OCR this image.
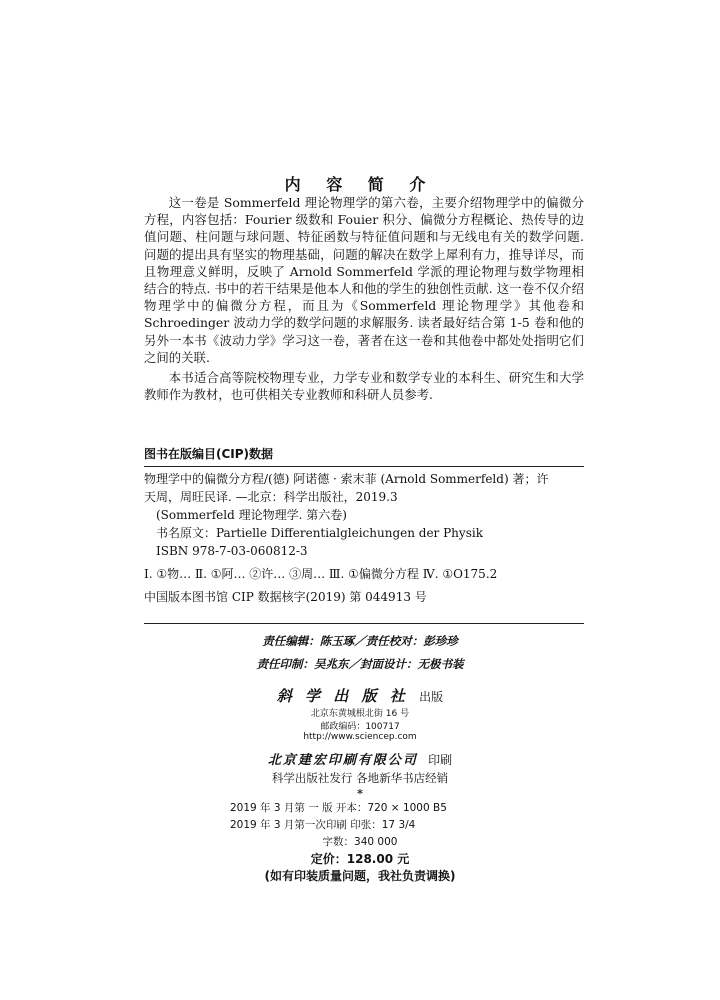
内 容 简 介

这一卷是 Sommerfeld 理论物理学的第六卷，主要介绍物理学中的偏微分方程，内容包括：Fourier 级数和 Fouier 积分、偏微分方程概论、热传导的边值问题、柱问题与球问题、特征函数与特征值问题和与无线电有关的数学问题. 问题的提出具有坚实的物理基础，问题的解决在数学上犀利有力，推导详尽，而且物理意义鲜明，反映了 Arnold Sommerfeld 学派的理论物理与数学物理相结合的特点. 书中的若干结果是他本人和他的学生的独创性贡献. 这一卷不仅介绍物理学中的偏微分方程，而且为《Sommerfeld 理论物理学》其他卷和 Schroedinger 波动力学的数学问题的求解服务. 读者最好结合第 1-5 卷和他的另外一本书《波动力学》学习这一卷，著者在这一卷和其他卷中都处处指明它们之间的关联.

本书适合高等院校物理专业，力学专业和数学专业的本科生、研究生和大学教师作为教材，也可供相关专业教师和科研人员参考.

图书在版编目(CIP)数据
物理学中的偏微分方程/(德) 阿诺德 · 索末菲 (Arnold Sommerfeld) 著；许
天周，周旺民译. —北京：科学出版社，2019.3
(Sommerfeld 理论物理学. 第六卷)
书名原文：Partielle Differentialgleichungen der Physik
ISBN 978-7-03-060812-3
Ⅰ. ①物… Ⅱ. ①阿… ②许… ③周… Ⅲ. ①偏微分方程 Ⅳ. ①O175.2
中国版本图书馆 CIP 数据核字(2019) 第 044913 号
责任编辑：陈玉琢／责任校对：彭珍珍
责任印制：吴兆东／封面设计：无极书装
斜 学 出 版 社 出版
北京东黄城根北街 16 号
邮政编码：100717
http://www.sciencep.com
北京建宏印刷有限公司 印刷
科学出版社发行 各地新华书店经销
*
2019 年 3 月第 一 版 开本：720 × 1000 B5
2019 年 3 月第一次印刷 印张：17 3/4
字数：340 000
定价：128.00 元
(如有印装质量问题，我社负责调换)
